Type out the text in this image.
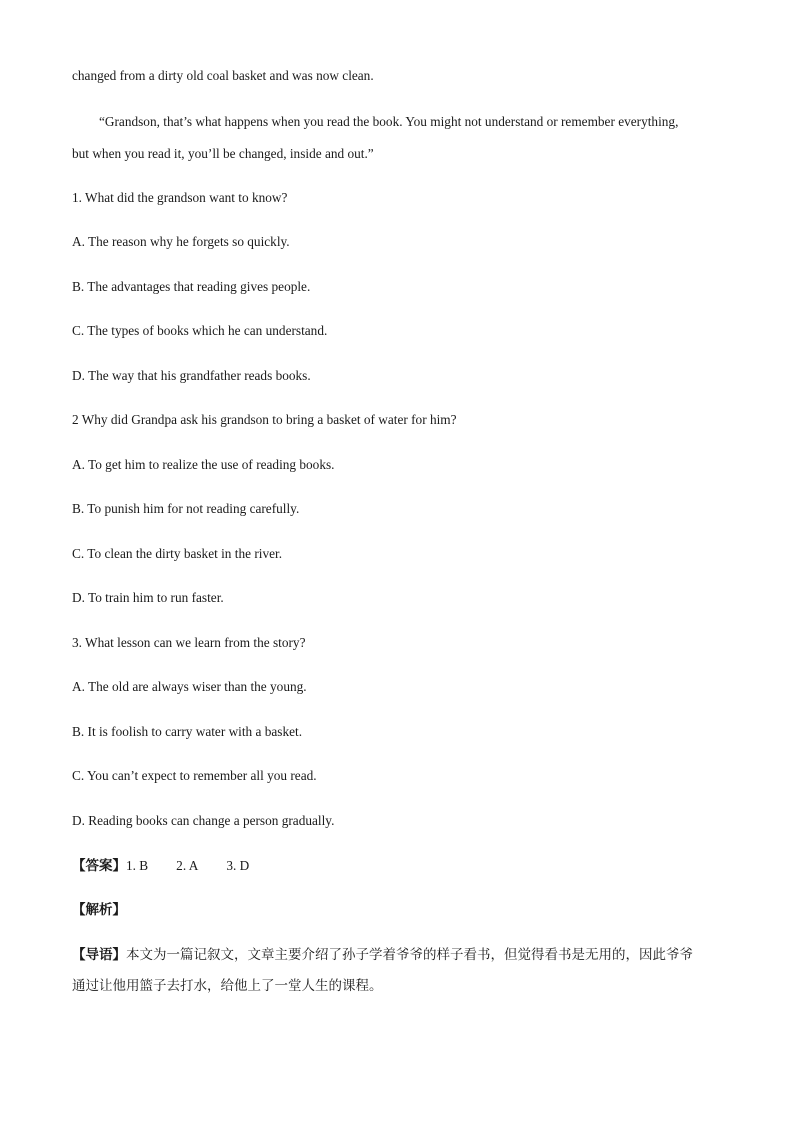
changed from a dirty old coal basket and was now clean.
“Grandson, that’s what happens when you read the book. You might not understand or remember everything,
but when you read it, you’ll be changed, inside and out.”
1. What did the grandson want to know?
A. The reason why he forgets so quickly.
B. The advantages that reading gives people.
C. The types of books which he can understand.
D. The way that his grandfather reads books.
2 Why did Grandpa ask his grandson to bring a basket of water for him?
A. To get him to realize the use of reading books.
B. To punish him for not reading carefully.
C. To clean the dirty basket in the river.
D. To train him to run faster.
3. What lesson can we learn from the story?
A. The old are always wiser than the young.
B. It is foolish to carry water with a basket.
C. You can’t expect to remember all you read.
D. Reading books can change a person gradually.
【答案】1. B 2. A 3. D
【解析】
【导语】本文为一篇记叙文，文章主要介绍了孙子学着爷爷的样子看书，但觉得看书是无用的，因此爷爷
通过让他用篮子去打水，给他上了一堂人生的课程。
